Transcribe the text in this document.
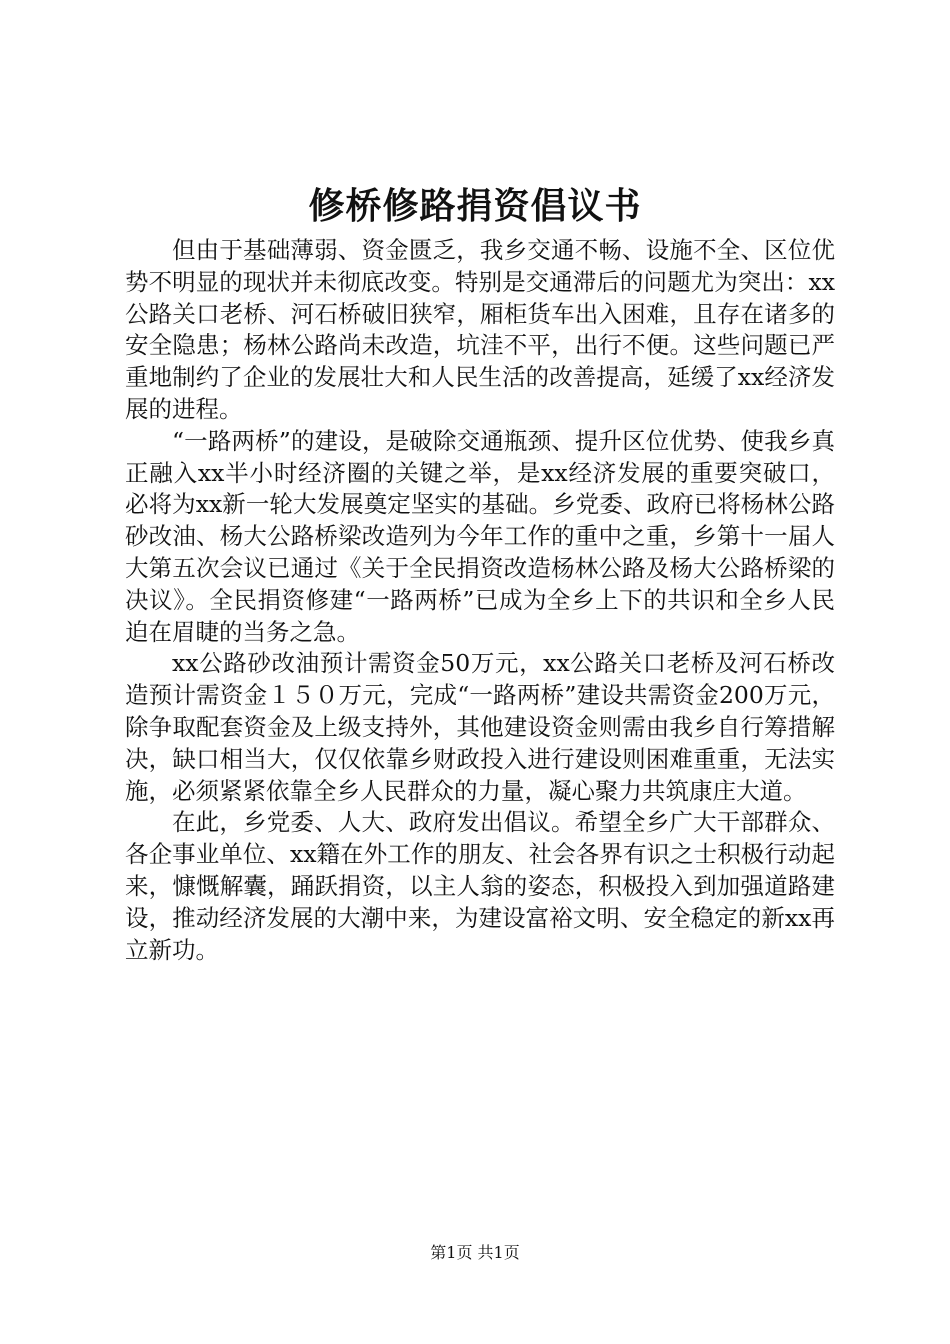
修桥修路捐资倡议书

但由于基础薄弱、资金匮乏，我乡交通不畅、设施不全、区位优势不明显的现状并未彻底改变。特别是交通滞后的问题尤为突出：xx公路关口老桥、河石桥破旧狭窄，厢柜货车出入困难，且存在诸多的安全隐患；杨林公路尚未改造，坑洼不平，出行不便。这些问题已严重地制约了企业的发展壮大和人民生活的改善提高，延缓了xx经济发展的进程。

“一路两桥”的建设，是破除交通瓶颈、提升区位优势、使我乡真正融入xx半小时经济圈的关键之举，是xx经济发展的重要突破口，必将为xx新一轮大发展奠定坚实的基础。乡党委、政府已将杨林公路砂改油、杨大公路桥梁改造列为今年工作的重中之重，乡第十一届人大第五次会议已通过《关于全民捐资改造杨林公路及杨大公路桥梁的决议》。全民捐资修建“一路两桥”已成为全乡上下的共识和全乡人民迫在眉睫的当务之急。

xx公路砂改油预计需资金50万元，xx公路关口老桥及河石桥改造预计需资金１５０万元，完成“一路两桥”建设共需资金200万元，除争取配套资金及上级支持外，其他建设资金则需由我乡自行筹措解决，缺口相当大，仅仅依靠乡财政投入进行建设则困难重重，无法实施，必须紧紧依靠全乡人民群众的力量，凝心聚力共筑康庄大道。

在此，乡党委、人大、政府发出倡议。希望全乡广大干部群众、各企事业单位、xx籍在外工作的朋友、社会各界有识之士积极行动起来，慷慨解囊，踊跃捐资，以主人翁的姿态，积极投入到加强道路建设，推动经济发展的大潮中来，为建设富裕文明、安全稳定的新xx再立新功。

第1页 共1页
